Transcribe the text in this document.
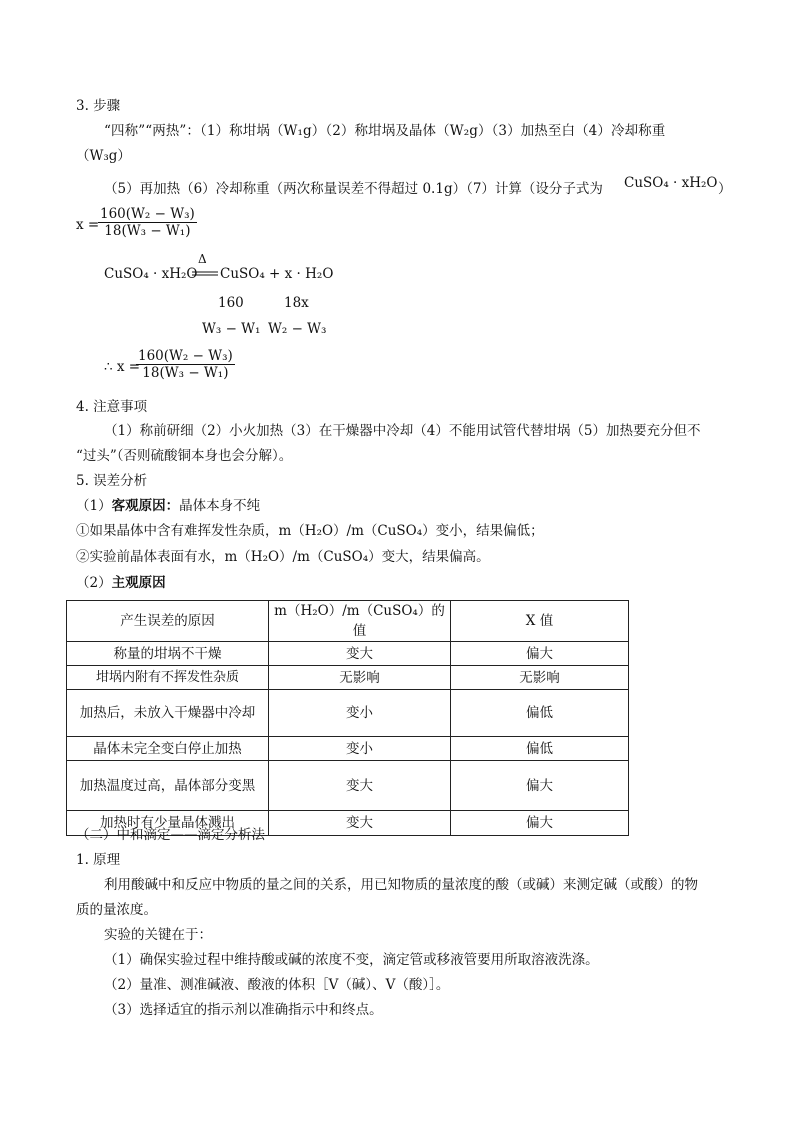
3. 步骤
“四称”“两热”：（1）称坩埚（W₁g）（2）称坩埚及晶体（W₂g）（3）加热至白（4）冷却称重
（W₃g）
（5）再加热（6）冷却称重（两次称量误差不得超过 0.1g）（7）计算（设分子式为 CuSO₄ · xH₂O ）
x =
$\frac{\text{160(W₂ − W₃)}}{\text{18(W₃ − W₁)}}$
CuSO₄ · xH₂O
Δ
CuSO₄ + x · H₂O
160	18x
W₃ − W₁ W₂ − W₃
∴ x =
$\frac{\text{160(W₂ − W₃)}}{\text{18(W₃ − W₁)}}$
4. 注意事项
（1）称前研细（2）小火加热（3）在干燥器中冷却（4）不能用试管代替坩埚（5）加热要充分但不
“过头”（否则硫酸铜本身也会分解）。
5. 误差分析
（1）客观原因：晶体本身不纯
①如果晶体中含有难挥发性杂质，m（H₂O）/m（CuSO₄）变小，结果偏低；
②实验前晶体表面有水，m（H₂O）/m（CuSO₄）变大，结果偏高。
（2）主观原因
产生误差的原因	m（H₂O）/m（CuSO₄）的值	X 值
称量的坩埚不干燥	变大	偏大
坩埚内附有不挥发性杂质	无影响	无影响
加热后，未放入干燥器中冷却	变小	偏低
晶体未完全变白停止加热	变小	偏低
加热温度过高，晶体部分变黑	变大	偏大
加热时有少量晶体溅出	变大	偏大
（二）中和滴定——滴定分析法
1. 原理
利用酸碱中和反应中物质的量之间的关系，用已知物质的量浓度的酸（或碱）来测定碱（或酸）的物
质的量浓度。
实验的关键在于：
（1）确保实验过程中维持酸或碱的浓度不变，滴定管或移液管要用所取溶液洗涤。
（2）量准、测准碱液、酸液的体积［V（碱）、V（酸）］。
（3）选择适宜的指示剂以准确指示中和终点。
